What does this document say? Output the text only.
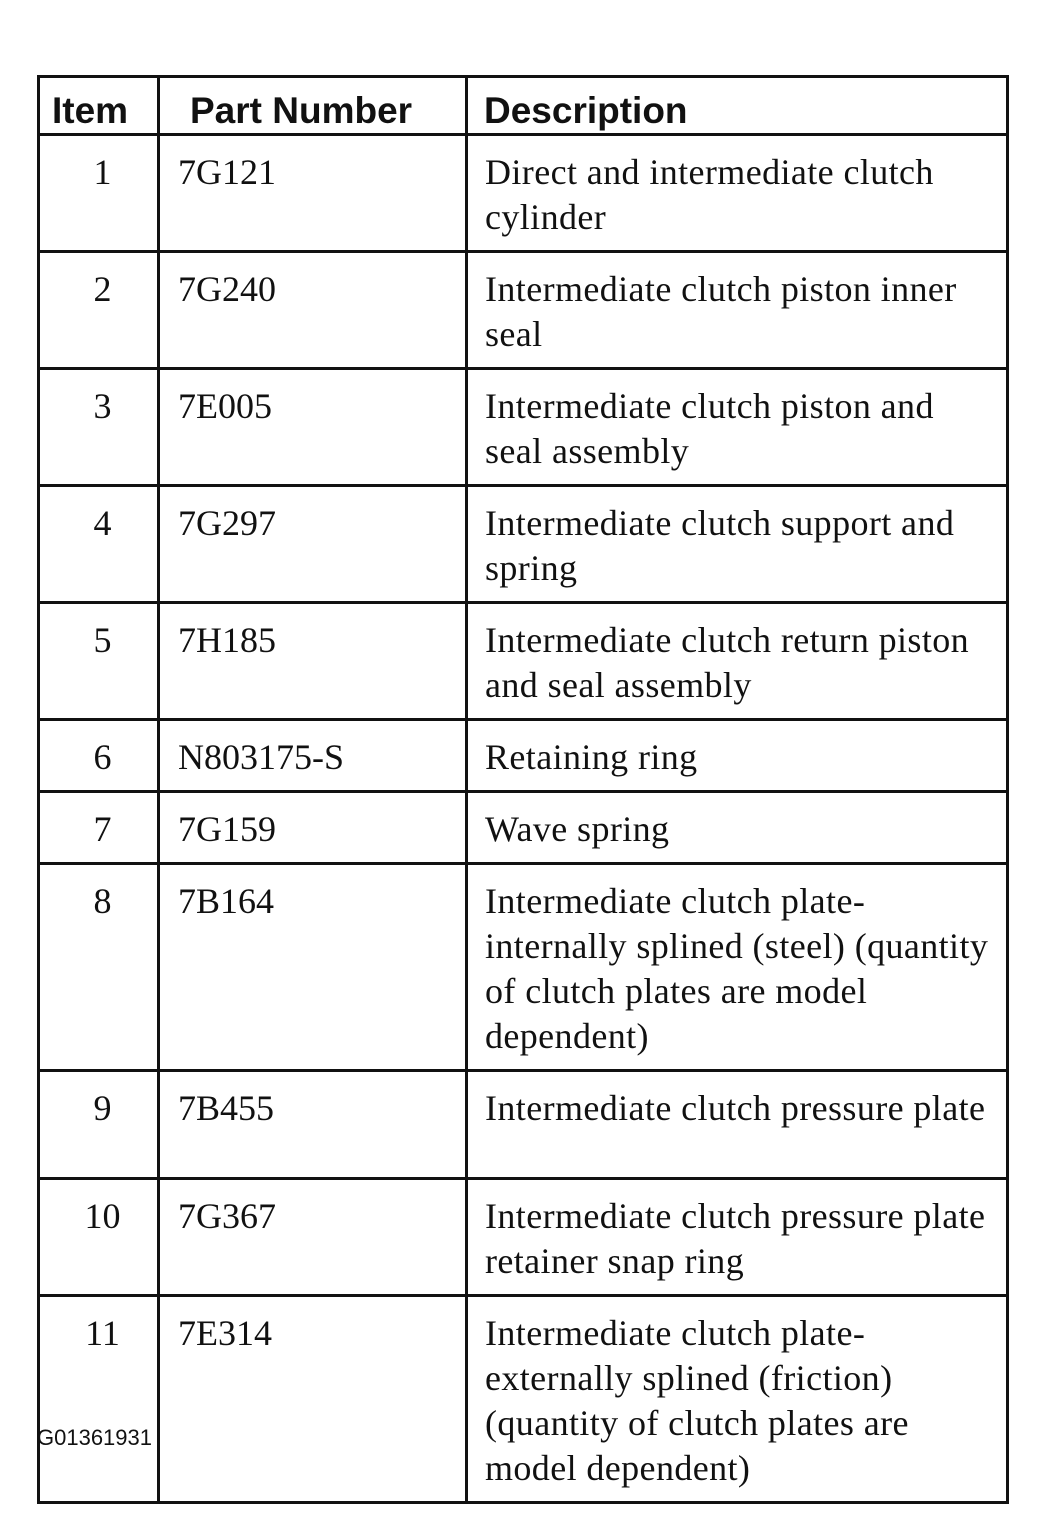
Item	Part Number	Description
1	7G121	Direct and intermediate clutch cylinder
2	7G240	Intermediate clutch piston inner seal
3	7E005	Intermediate clutch piston and seal assembly
4	7G297	Intermediate clutch support and spring
5	7H185	Intermediate clutch return piston and seal assembly
6	N803175-S	Retaining ring
7	7G159	Wave spring
8	7B164	Intermediate clutch plate-internally splined (steel) (quantity of clutch plates are model dependent)
9	7B455	Intermediate clutch pressure plate
10	7G367	Intermediate clutch pressure plate retainer snap ring
11	7E314	Intermediate clutch plate-externally splined (friction) (quantity of clutch plates are model dependent)
G01361931
